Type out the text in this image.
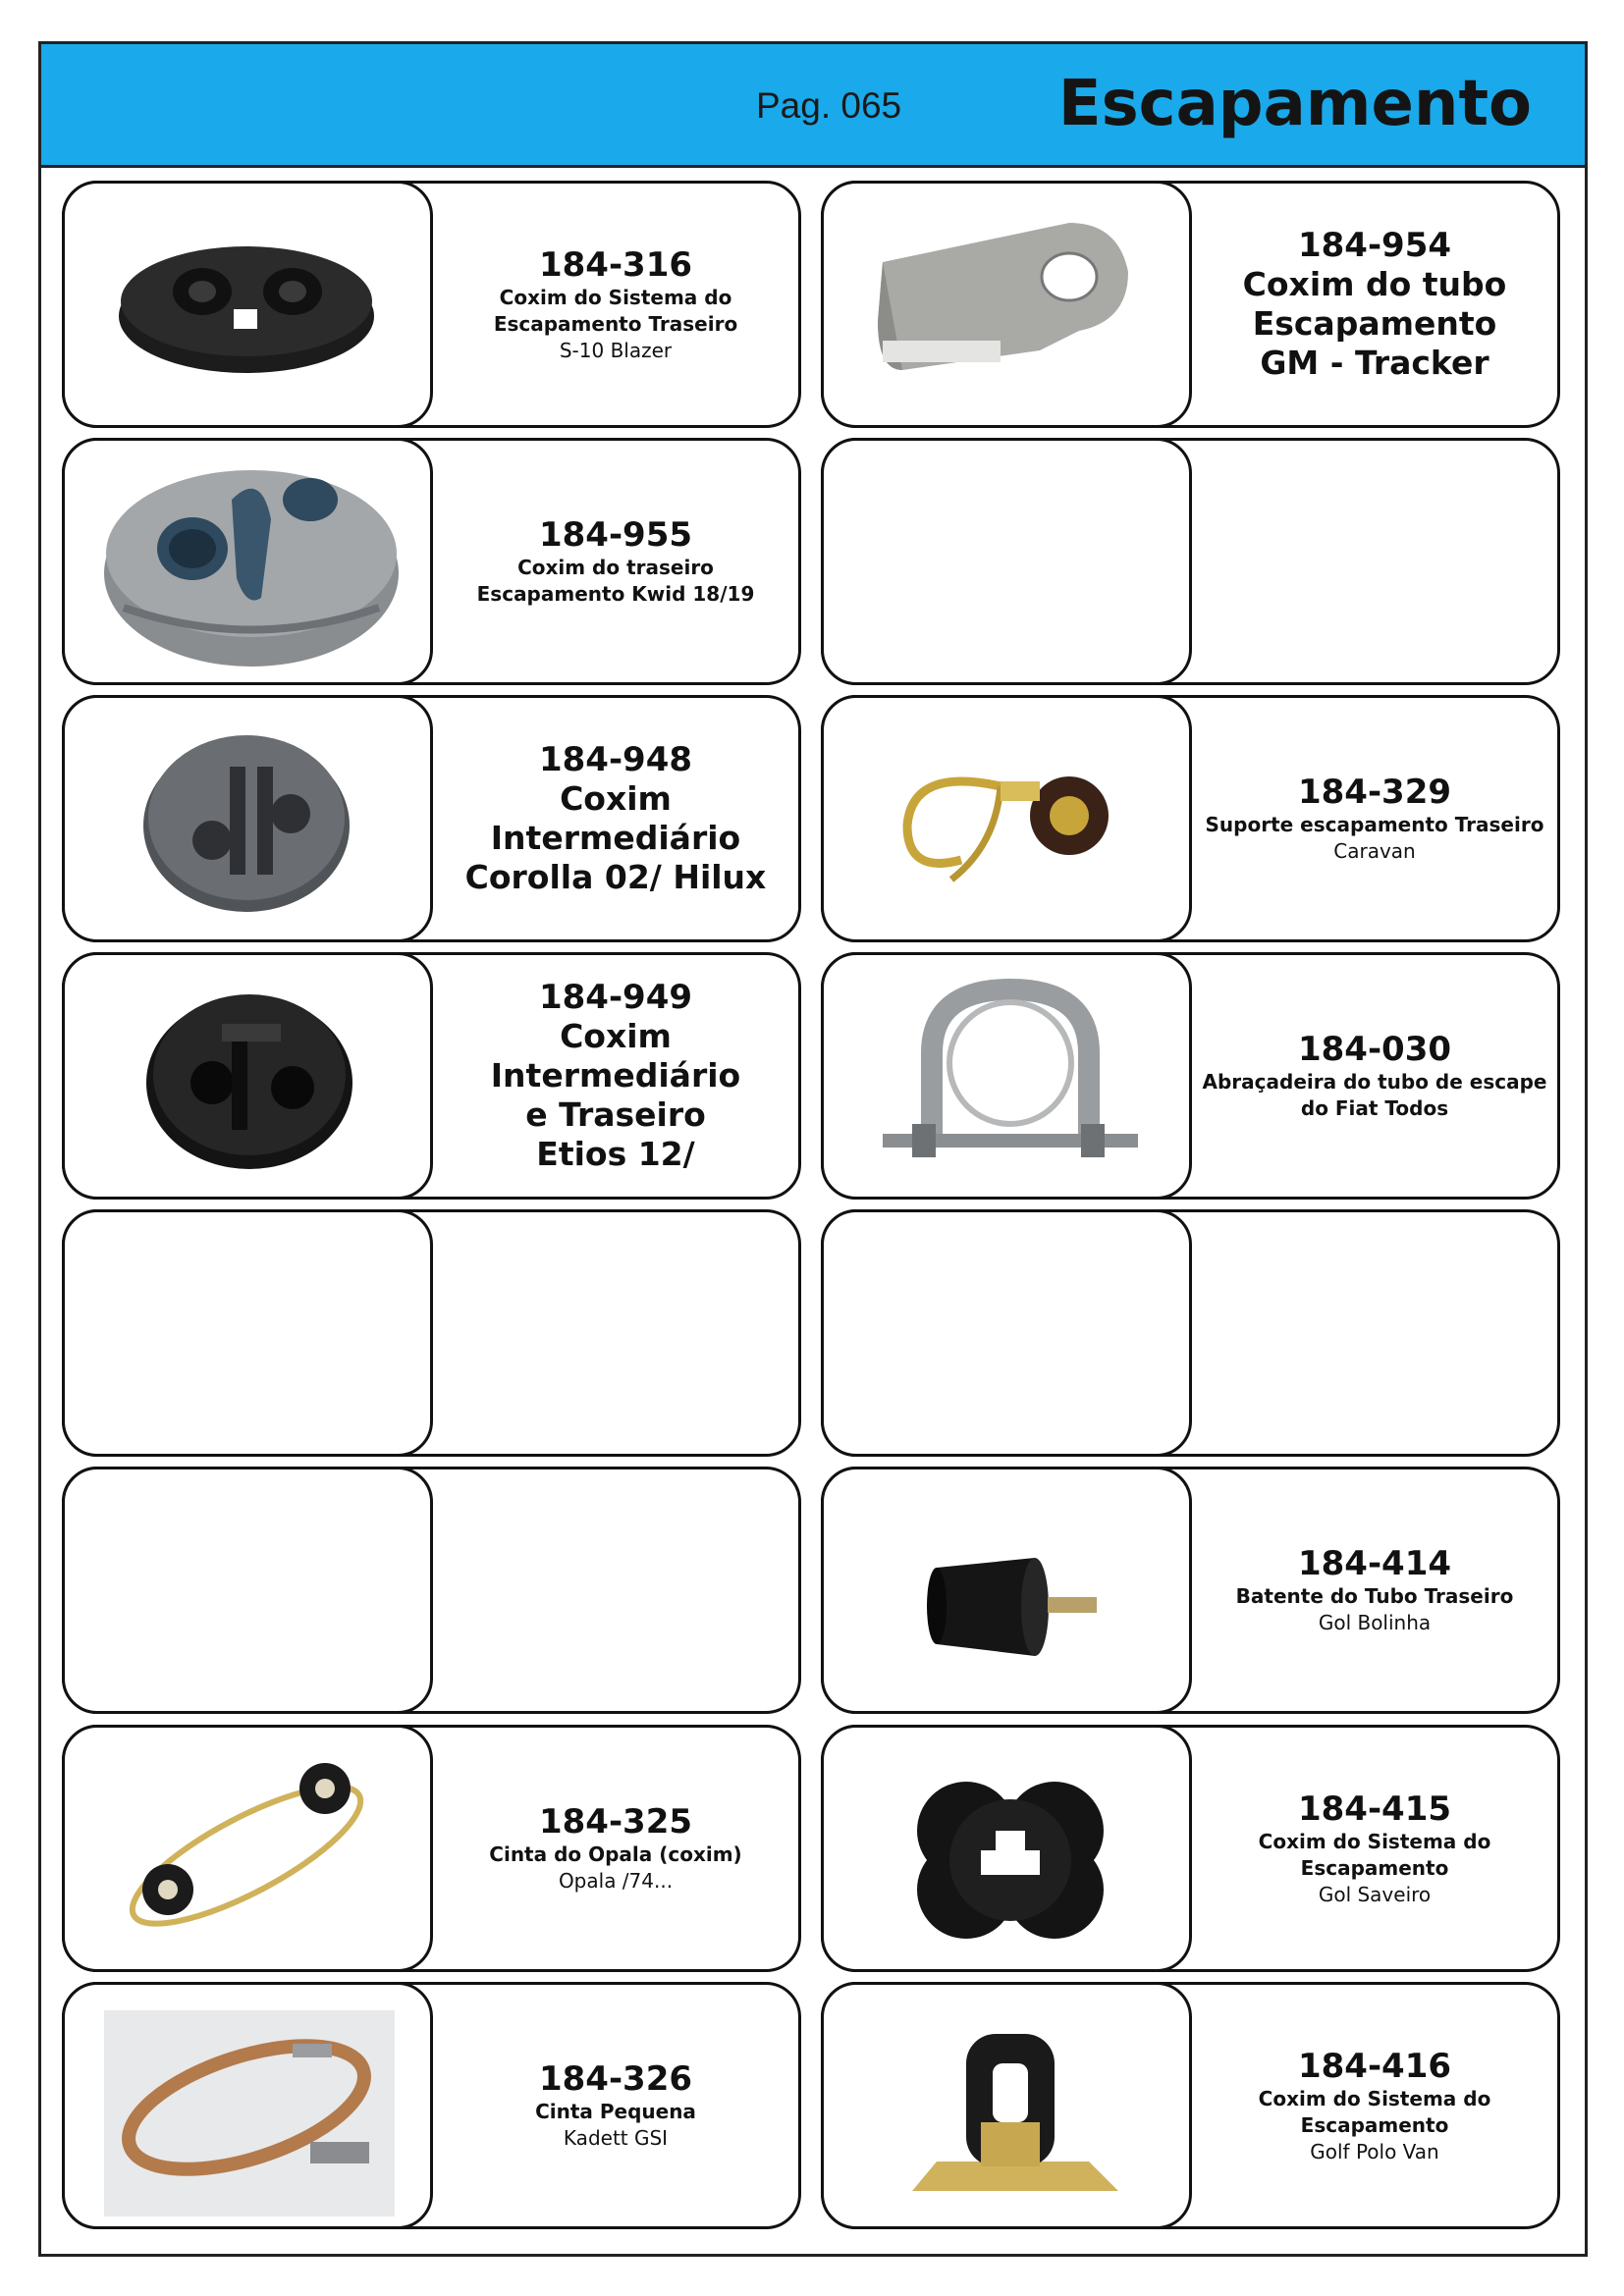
Pag. 065 Escapamento
184-316
Coxim do Sistema do
Escapamento Traseiro
S-10 Blazer
184-954
Coxim do tubo
Escapamento
GM - Tracker
184-955
Coxim do traseiro
Escapamento Kwid 18/19
184-948
Coxim Intermediário
Corolla 02/ Hilux
184-329
Suporte escapamento Traseiro
Caravan
184-949
Coxim Intermediário
e Traseiro
Etios 12/
184-030
Abraçadeira do tubo de escape
do Fiat Todos
184-414
Batente do Tubo Traseiro
Gol Bolinha
184-325
Cinta do Opala (coxim)
Opala /74...
184-415
Coxim do Sistema do
Escapamento
Gol Saveiro
184-326
Cinta Pequena
Kadett GSI
184-416
Coxim do Sistema do
Escapamento
Golf Polo Van
